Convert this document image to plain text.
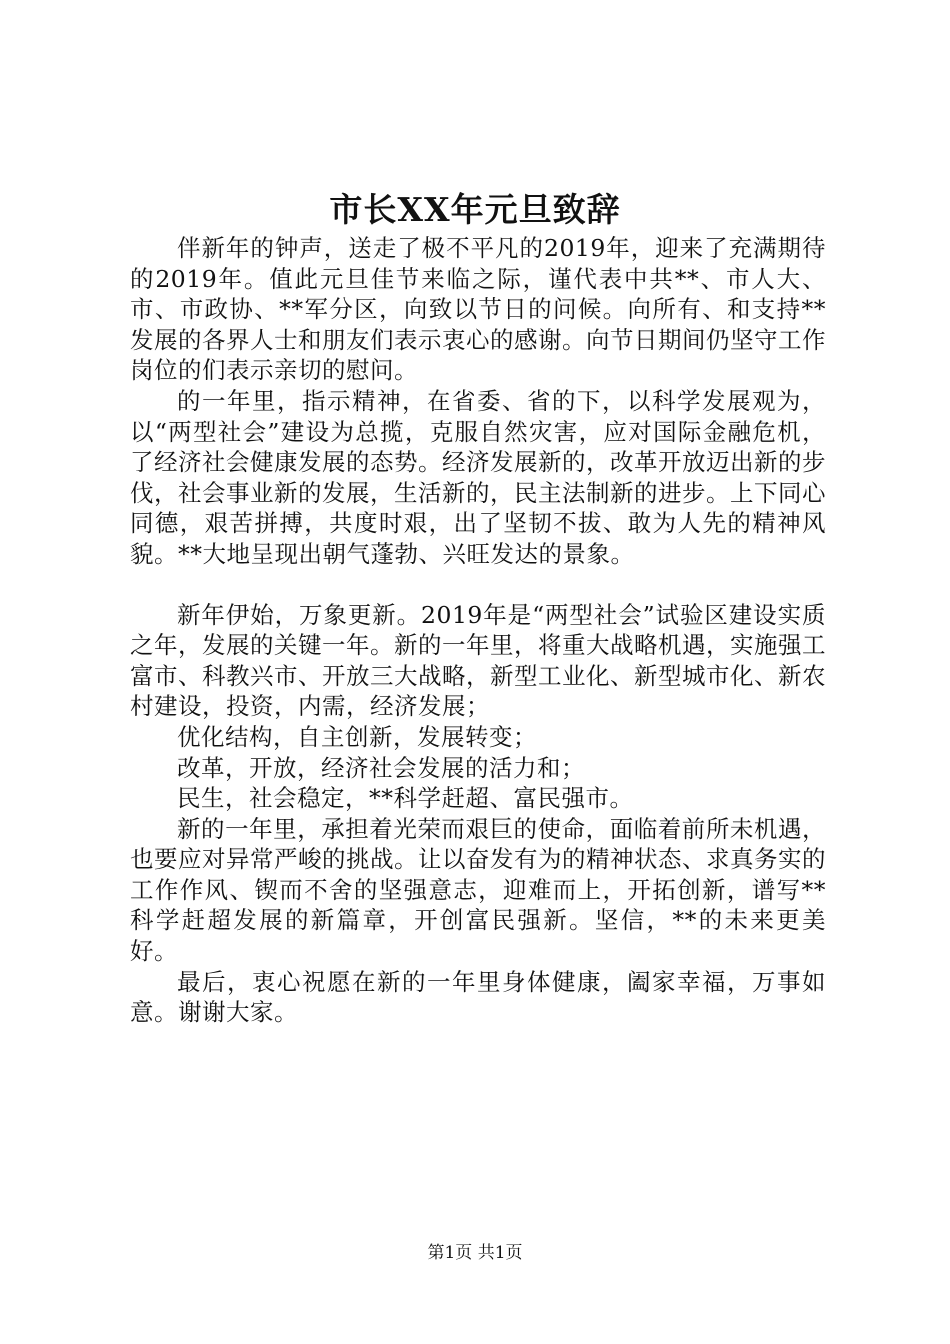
市长XX年元旦致辞

伴新年的钟声，送走了极不平凡的2019年，迎来了充满期待的2019年。值此元旦佳节来临之际，谨代表中共**、市人大、市、市政协、**军分区，向致以节日的问候。向所有、和支持**发展的各界人士和朋友们表示衷心的感谢。向节日期间仍坚守工作岗位的们表示亲切的慰问。

的一年里，指示精神，在省委、省的下，以科学发展观为，以“两型社会”建设为总揽，克服自然灾害，应对国际金融危机，了经济社会健康发展的态势。经济发展新的，改革开放迈出新的步伐，社会事业新的发展，生活新的，民主法制新的进步。上下同心同德，艰苦拼搏，共度时艰，出了坚韧不拔、敢为人先的精神风貌。**大地呈现出朝气蓬勃、兴旺发达的景象。

新年伊始，万象更新。2019年是“两型社会”试验区建设实质之年，发展的关键一年。新的一年里，将重大战略机遇，实施强工富市、科教兴市、开放三大战略，新型工业化、新型城市化、新农村建设，投资，内需，经济发展；

优化结构，自主创新，发展转变；

改革，开放，经济社会发展的活力和；

民生，社会稳定，**科学赶超、富民强市。

新的一年里，承担着光荣而艰巨的使命，面临着前所未机遇，也要应对异常严峻的挑战。让以奋发有为的精神状态、求真务实的工作作风、锲而不舍的坚强意志，迎难而上，开拓创新，谱写**科学赶超发展的新篇章，开创富民强新。坚信，**的未来更美好。

最后，衷心祝愿在新的一年里身体健康，阖家幸福，万事如意。谢谢大家。

第1页 共1页
